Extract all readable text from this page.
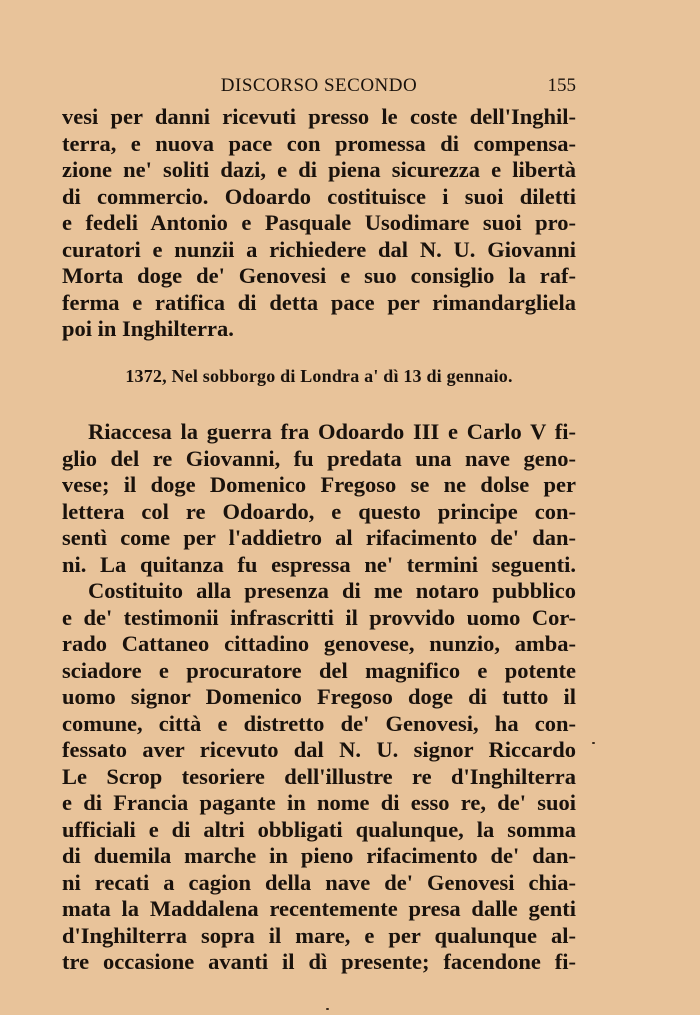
DISCORSO SECONDO	155
vesi per danni ricevuti presso le coste dell'Inghil-
terra, e nuova pace con promessa di compensa-
zione ne' soliti dazi, e di piena sicurezza e libertà
di commercio. Odoardo costituisce i suoi diletti
e fedeli Antonio e Pasquale Usodimare suoi pro-
curatori e nunzii a richiedere dal N. U. Giovanni
Morta doge de' Genovesi e suo consiglio la raf-
ferma e ratifica di detta pace per rimandargliela
poi in Inghilterra.
1372, Nel sobborgo di Londra a' dì 13 di gennaio.
Riaccesa la guerra fra Odoardo III e Carlo V fi-
glio del re Giovanni, fu predata una nave geno-
vese; il doge Domenico Fregoso se ne dolse per
lettera col re Odoardo, e questo principe con-
sentì come per l'addietro al rifacimento de' dan-
ni. La quitanza fu espressa ne' termini seguenti.
Costituito alla presenza di me notaro pubblico
e de' testimonii infrascritti il provvido uomo Cor-
rado Cattaneo cittadino genovese, nunzio, amba-
sciadore e procuratore del magnifico e potente
uomo signor Domenico Fregoso doge di tutto il
comune, città e distretto de' Genovesi, ha con-
fessato aver ricevuto dal N. U. signor Riccardo
Le Scrop tesoriere dell'illustre re d'Inghilterra
e di Francia pagante in nome di esso re, de' suoi
ufficiali e di altri obbligati qualunque, la somma
di duemila marche in pieno rifacimento de' dan-
ni recati a cagion della nave de' Genovesi chia-
mata la Maddalena recentemente presa dalle genti
d'Inghilterra sopra il mare, e per qualunque al-
tre occasione avanti il dì presente; facendone fi-
